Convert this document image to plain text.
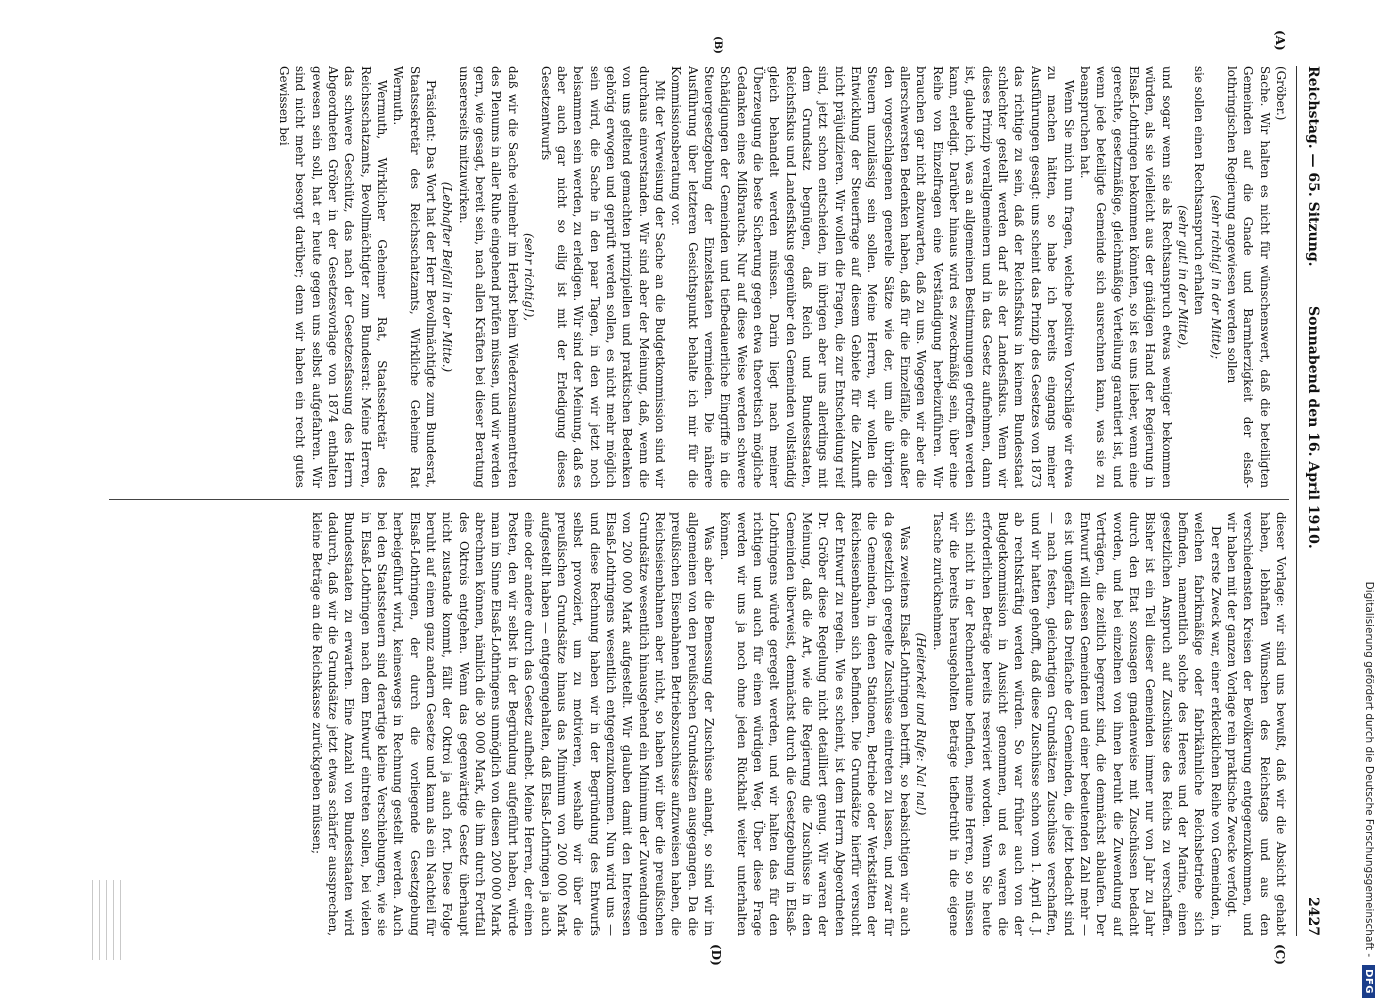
Digitalisierung gefördert durch die Deutsche Forschungsgemeinschaft -
DFG
Reichstag. — 65. Sitzung.
Sonnabend den 16. April 1910.
2427
(A)
(B)
(C)
(D)

(Gröber.)

Sache. Wir halten es nicht für wünschenswert, daß die beteiligten Gemeinden auf die Gnade und Barmherzigkeit der elsaß-lothringischen Regierung angewiesen werden sollen

(sehr richtig! in der Mitte);

sie sollen einen Rechtsanspruch erhalten

(sehr gut! in der Mitte),

und sogar wenn sie als Rechtsanspruch etwas weniger bekommen würden, als sie vielleicht aus der gnädigen Hand der Regierung in Elsaß-Lothringen bekommen könnten, so ist es uns lieber, wenn eine gerechte, gesetzmäßige, gleichmäßige Verteilung garantiert ist, und wenn jede beteiligte Gemeinde sich ausrechnen kann, was sie zu beanspruchen hat.

Wenn Sie mich nun fragen, welche positiven Vorschläge wir etwa zu machen hätten, so habe ich bereits eingangs meiner Ausführungen gesagt: uns scheint das Prinzip des Gesetzes von 1873 das richtige zu sein, daß der Reichsfiskus in keinem Bundesstaat schlechter gestellt werden darf als der Landesfiskus. Wenn wir dieses Prinzip verallgemeinern und in das Gesetz aufnehmen, dann ist, glaube ich, was an allgemeinen Bestimmungen getroffen werden kann, erledigt. Darüber hinaus wird es zweckmäßig sein, über eine Reihe von Einzelfragen eine Verständigung herbeizuführen. Wir brauchen gar nicht abzuwarten, daß zu uns. Wogegen wir aber die allerschwersten Bedenken haben, daß für die Einzelfälle, die außer den vorgeschlagenen generelle Sätze wie der, um alle übrigen Steuern unzulässig sein sollen. Meine Herren, wir wollen die Entwicklung der Steuerfrage auf diesem Gebiete für die Zukunft nicht präjudizieren. Wir wollen die Fragen, die zur Entscheidung reif sind, jetzt schon entscheiden, im übrigen aber uns allerdings mit dem Grundsatz begnügen, daß Reich und Bundesstaaten, Reichsfiskus und Landesfiskus gegenüber den Gemeinden vollständig gleich behandelt werden müssen. Darin liegt nach meiner Überzeugung die beste Sicherung gegen etwa theoretisch mögliche Gedanken eines Mißbrauchs. Nur auf diese Weise werden schwere Schädigungen der Gemeinden und tiefbedauerliche Eingriffe in die Steuergesetzgebung der Einzelstaaten vermieden. Die nähere Ausführung über letzteren Gesichtspunkt behalte ich mir für die Kommissionsberatung vor.

Mit der Verweisung der Sache an die Budgetkommission sind wir durchaus einverstanden. Wir sind aber der Meinung, daß, wenn die von uns geltend gemachten prinzipiellen und praktischen Bedenken gehörig erwogen und geprüft werden sollen, es nicht mehr möglich sein wird, die Sache in den paar Tagen, in den wir jetzt noch beisammen sein werden, zu erledigen. Wir sind der Meinung, daß es aber auch gar nicht so eilig ist mit der Erledigung dieses Gesetzentwurfs

(sehr richtig!),

daß wir die Sache vielmehr im Herbst beim Wiederzusammentreten des Plenums in aller Ruhe eingehend prüfen müssen, und wir werden gern, wie gesagt, bereit sein, nach allen Kräften bei dieser Beratung unsererseits mitzuwirken.

(Lebhafter Beifall in der Mitte.)

Präsident: Das Wort hat der Herr Bevollmächtigte zum Bundesrat, Staatssekretär des Reichsschatzamts, Wirkliche Geheime Rat Wermuth.

Wermuth, Wirklicher Geheimer Rat, Staatssekretär des Reichsschatzamts, Bevollmächtigter zum Bundesrat: Meine Herren, das schwere Geschütz, das nach der Gesetzesfassung des Herrn Abgeordneten Gröber in der Gesetzesvorlage von 1874 enthalten gewesen sein soll, hat er heute gegen uns selbst aufgefahren. Wir sind nicht mehr besorgt darüber; denn wir haben ein recht gutes Gewissen bei

dieser Vorlage: wir sind uns bewußt, daß wir die Absicht gehabt haben, lebhaften Wünschen des Reichstags und aus den verschiedensten Kreisen der Bevölkerung entgegenzukommen, und wir haben mit der ganzen Vorlage rein praktische Zwecke verfolgt.

Der erste Zweck war, einer erklecklichen Reihe von Gemeinden, in welchen fabrikmäßige oder fabrikähnliche Reichsbetriebe sich befinden, namentlich solche des Heeres und der Marine, einen gesetzlichen Anspruch auf Zuschüsse des Reichs zu verschaffen. Bisher ist ein Teil dieser Gemeinden immer nur von Jahr zu Jahr durch den Etat sozusagen gnadenweise mit Zuschüssen bedacht worden, und bei einzelnen von ihnen beruht die Zuwendung auf Verträgen, die zeitlich begrenzt sind, die demnächst ablaufen. Der Entwurf will diesen Gemeinden und einer bedeutenden Zahl mehr — es ist ungefähr das Dreifache der Gemeinden, die jetzt bedacht sind — nach festen, gleichartigen Grundsätzen Zuschüsse verschaffen, und wir hatten gehofft, daß diese Zuschüsse schon vom 1. April d. J. ab rechtskräftig werden würden. So war früher auch von der Budgetkommission in Aussicht genommen, und es waren die erforderlichen Beträge bereits reserviert worden. Wenn Sie heute sich nicht in der Rechnerlaune befinden, meine Herren, so müssen wir die bereits herausgeholten Beträge tiefbetrübt in die eigene Tasche zurücknehmen.

(Heiterkeit und Rufe: Na! na!)

Was zweitens Elsaß-Lothringen betrifft, so beabsichtigen wir auch da gesetzlich geregelte Zuschüsse eintreten zu lassen, und zwar für die Gemeinden, in denen Stationen, Betriebe oder Werkstätten der Reichseisenbahnen sich befinden. Die Grundsätze hierfür versucht der Entwurf zu regeln. Wie es scheint, ist dem Herrn Abgeordneten Dr. Gröber diese Regelung nicht detailliert genug. Wir waren der Meinung, daß die Art, wie die Regierung die Zuschüsse in den Gemeinden überweist, demnächst durch die Gesetzgebung in Elsaß-Lothringens würde geregelt werden, und wir halten das für den richtigen und auch für einen würdigen Weg. Über diese Frage werden wir uns ja noch ohne jeden Rückhalt weiter unterhalten können.

Was aber die Bemessung der Zuschüsse anlangt, so sind wir im allgemeinen von den preußischen Grundsätzen ausgegangen. Da die preußischen Eisenbahnen Betriebszuschüsse aufzuweisen haben, die Reichseisenbahnen aber nicht, so haben wir über die preußischen Grundsätze wesentlich hinausgehend ein Minimum der Zuwendungen von 200 000 Mark aufgestellt. Wir glauben damit den Interessen Elsaß-Lothringens wesentlich entgegenzukommen. Nun wird uns — und diese Rechnung haben wir in der Begründung des Entwurfs selbst provoziert, um zu motivieren, weshalb wir über die preußischen Grundsätze hinaus das Minimum von 200 000 Mark aufgestellt haben — entgegengehalten, daß Elsaß-Lothringen ja auch eine oder andere durch das Gesetz aufhebt. Meine Herren, der einen Posten, den wir selbst in der Begründung aufgeführt haben, würde man im Sinne Elsaß-Lothringens unmöglich von diesen 200 000 Mark abrechnen können, nämlich die 30 000 Mark, die ihm durch Fortfall des Oktrois entgehen. Wenn das gegenwärtige Gesetz überhaupt nicht zustande kommt, fällt der Oktroi ja auch fort. Diese Folge beruht auf einem ganz andern Gesetze und kann als ein Nachteil für Elsaß-Lothringen, der durch die vorliegende Gesetzgebung herbeigeführt wird, keineswegs in Rechnung gestellt werden. Auch bei den Staatssteuern sind derartige kleine Verschiebungen, wie sie in Elsaß-Lothringen nach dem Entwurf eintreten sollen, bei vielen Bundesstaaten zu erwarten. Eine Anzahl von Bundesstaaten wird dadurch, daß wir die Grundsätze jetzt etwas schärfer aussprechen, kleine Beträge an die Reichskasse zurückgeben müssen;
